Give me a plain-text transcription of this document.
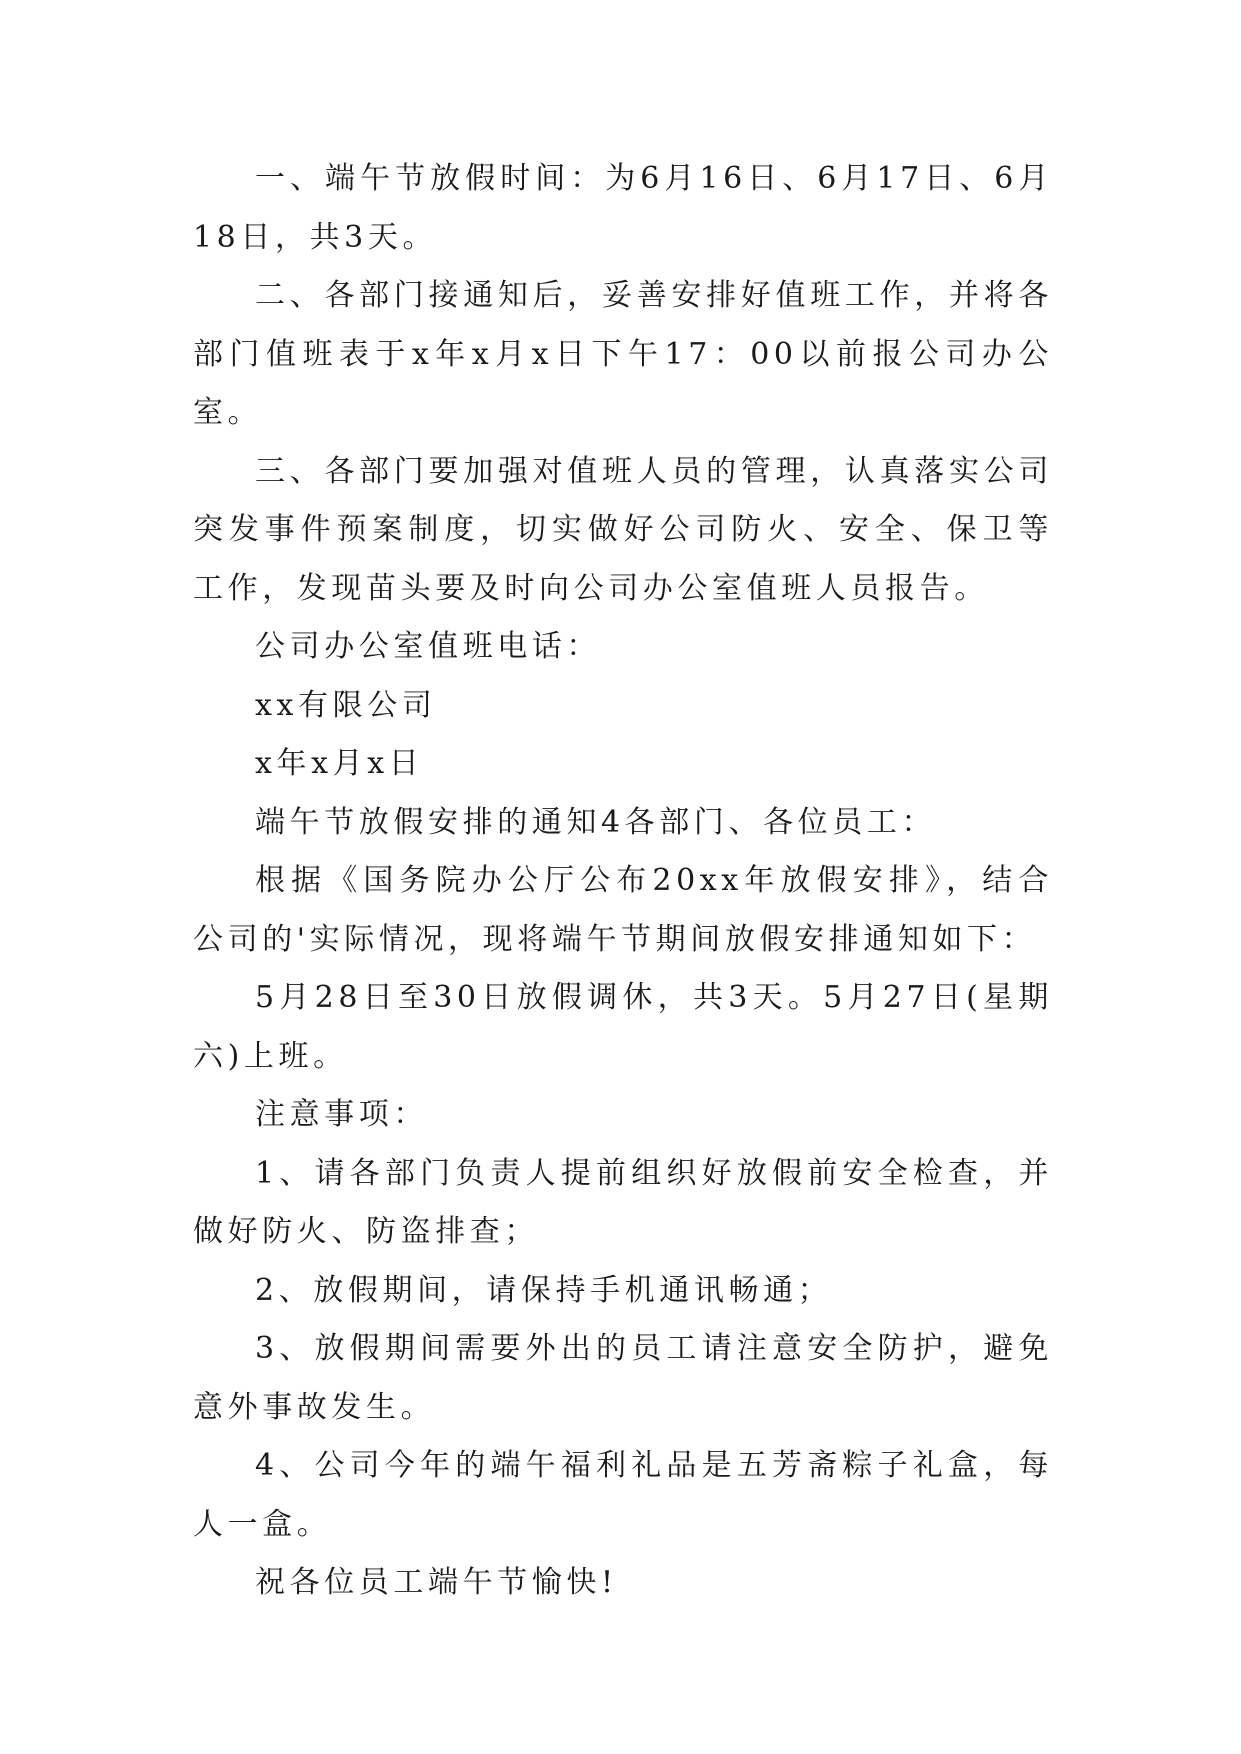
一、端午节放假时间：为6月16日、6月17日、6月18日，共3天。

二、各部门接通知后，妥善安排好值班工作，并将各部门值班表于x年x月x日下午17：00以前报公司办公室。

三、各部门要加强对值班人员的管理，认真落实公司突发事件预案制度，切实做好公司防火、安全、保卫等工作，发现苗头要及时向公司办公室值班人员报告。

公司办公室值班电话：

xx有限公司

x年x月x日

端午节放假安排的通知4各部门、各位员工：

根据《国务院办公厅公布20xx年放假安排》，结合公司的'实际情况，现将端午节期间放假安排通知如下：

5月28日至30日放假调休，共3天。5月27日(星期六)上班。

注意事项：

1、请各部门负责人提前组织好放假前安全检查，并做好防火、防盗排查；

2、放假期间，请保持手机通讯畅通；

3、放假期间需要外出的员工请注意安全防护，避免意外事故发生。

4、公司今年的端午福利礼品是五芳斋粽子礼盒，每人一盒。

祝各位员工端午节愉快!
